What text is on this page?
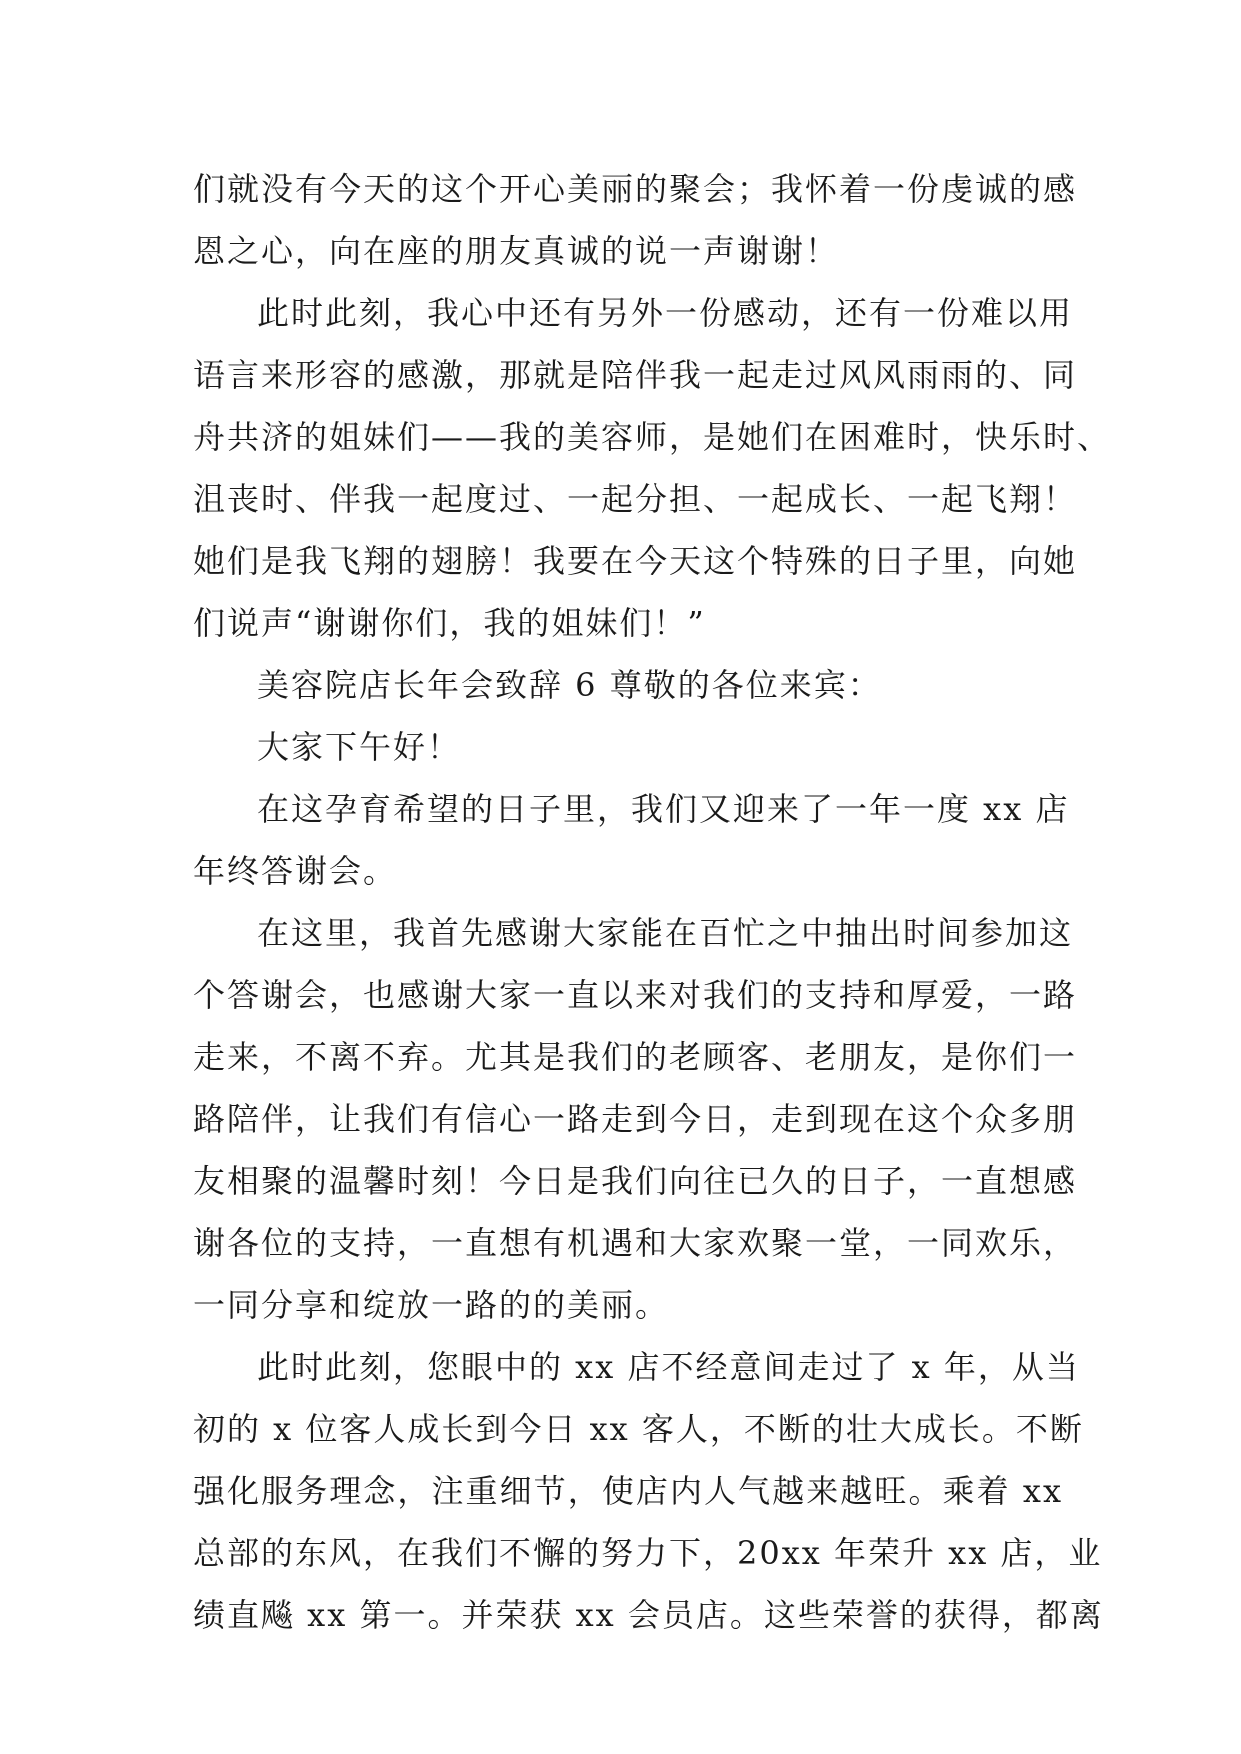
们就没有今天的这个开心美丽的聚会；我怀着一份虔诚的感
恩之心，向在座的朋友真诚的说一声谢谢！
此时此刻，我心中还有另外一份感动，还有一份难以用
语言来形容的感激，那就是陪伴我一起走过风风雨雨的、同
舟共济的姐妹们——我的美容师，是她们在困难时，快乐时、
沮丧时、伴我一起度过、一起分担、一起成长、一起飞翔！
她们是我飞翔的翅膀！我要在今天这个特殊的日子里，向她
们说声“谢谢你们，我的姐妹们！”
美容院店长年会致辞 6 尊敬的各位来宾：
大家下午好！
在这孕育希望的日子里，我们又迎来了一年一度 xx 店
年终答谢会。
在这里，我首先感谢大家能在百忙之中抽出时间参加这
个答谢会，也感谢大家一直以来对我们的支持和厚爱，一路
走来，不离不弃。尤其是我们的老顾客、老朋友，是你们一
路陪伴，让我们有信心一路走到今日，走到现在这个众多朋
友相聚的温馨时刻！今日是我们向往已久的日子，一直想感
谢各位的支持，一直想有机遇和大家欢聚一堂，一同欢乐，
一同分享和绽放一路的的美丽。
此时此刻，您眼中的 xx 店不经意间走过了 x 年，从当
初的 x 位客人成长到今日 xx 客人，不断的壮大成长。不断
强化服务理念，注重细节，使店内人气越来越旺。乘着 xx
总部的东风，在我们不懈的努力下，20xx 年荣升 xx 店，业
绩直飚 xx 第一。并荣获 xx 会员店。这些荣誉的获得，都离
